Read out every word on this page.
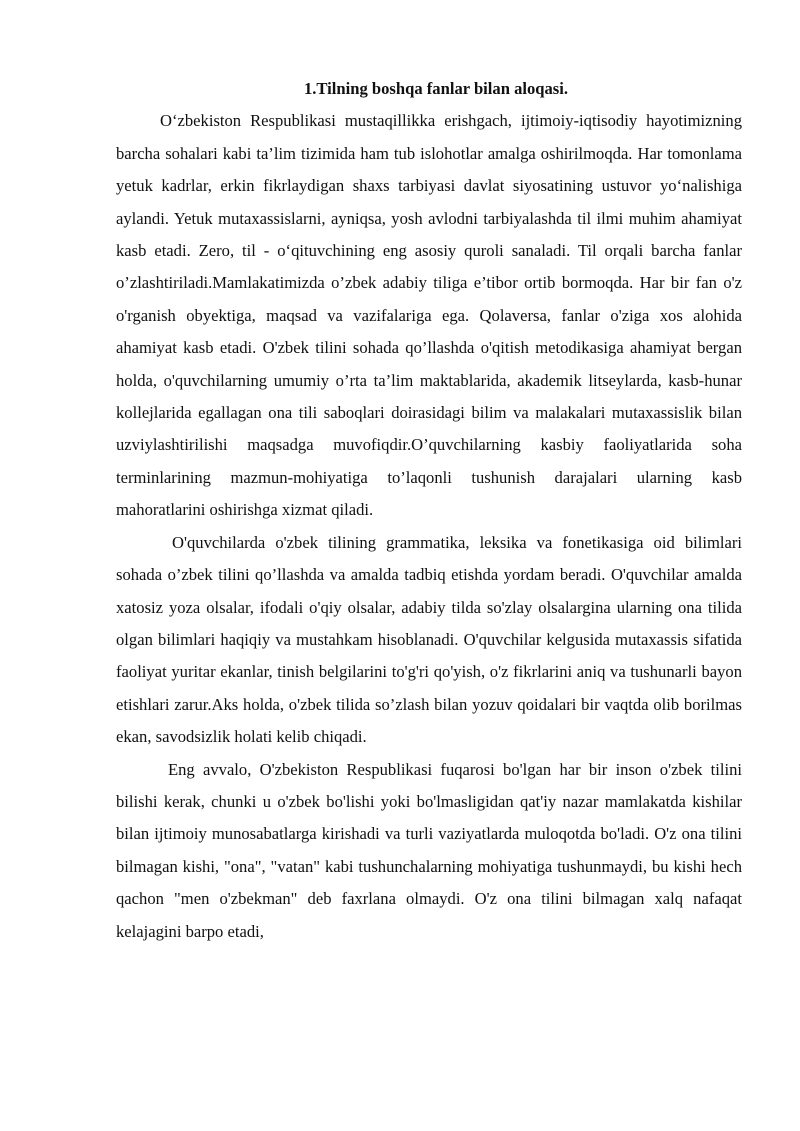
1.Tilning boshqa fanlar bilan aloqasi.

O‘zbekiston Respublikasi mustaqillikka erishgach, ijtimoiy-iqtisodiy hayotimizning barcha sohalari kabi ta’lim tizimida ham tub islohotlar amalga oshirilmoqda. Har tomonlama yetuk kadrlar, erkin fikrlaydigan shaxs tarbiyasi davlat siyosatining ustuvor yo‘nalishiga aylandi. Yetuk mutaxassislarni, ayniqsa, yosh avlodni tarbiyalashda til ilmi muhim ahamiyat kasb etadi. Zero, til - o‘qituvchining eng asosiy quroli sanaladi. Til orqali barcha fanlar o’zlashtiriladi.Mamlakatimizda o’zbek adabiy tiliga e’tibor ortib bormoqda. Har bir fan o'z o'rganish obyektiga, maqsad va vazifalariga ega. Qolaversa, fanlar o'ziga xos alohida ahamiyat kasb etadi. O'zbek tilini sohada qo’llashda o'qitish metodikasiga ahamiyat bergan holda, o'quvchilarning umumiy o’rta ta’lim maktablarida, akademik litseylarda, kasb-hunar kollejlarida egallagan ona tili saboqlari doirasidagi bilim va malakalari mutaxassislik bilan uzviylashtirilishi maqsadga muvofiqdir.O’quvchilarning kasbiy faoliyatlarida soha terminlarining mazmun-mohiyatiga to’laqonli tushunish darajalari ularning kasb mahoratlarini oshirishga xizmat qiladi.

O'quvchilarda o'zbek tilining grammatika, leksika va fonetikasiga oid bilimlari sohada o’zbek tilini qo’llashda va amalda tadbiq etishda yordam beradi. O'quvchilar amalda xatosiz yoza olsalar, ifodali o'qiy olsalar, adabiy tilda so'zlay olsalargina ularning ona tilida olgan bilimlari haqiqiy va mustahkam hisoblanadi. O'quvchilar kelgusida mutaxassis sifatida faoliyat yuritar ekanlar, tinish belgilarini to'g'ri qo'yish, o'z fikrlarini aniq va tushunarli bayon etishlari zarur.Aks holda, o'zbek tilida so’zlash bilan yozuv qoidalari bir vaqtda olib borilmas ekan, savodsizlik holati kelib chiqadi.

Eng avvalo, O'zbekiston Respublikasi fuqarosi bo'lgan har bir inson o'zbek tilini bilishi kerak, chunki u o'zbek bo'lishi yoki bo'lmasligidan qat'iy nazar mamlakatda kishilar bilan ijtimoiy munosabatlarga kirishadi va turli vaziyatlarda muloqotda bo'ladi. O'z ona tilini bilmagan kishi, "ona", "vatan" kabi tushunchalarning mohiyatiga tushunmaydi, bu kishi hech qachon "men o'zbekman" deb faxrlana olmaydi. O'z ona tilini bilmagan xalq nafaqat kelajagini barpo etadi,
